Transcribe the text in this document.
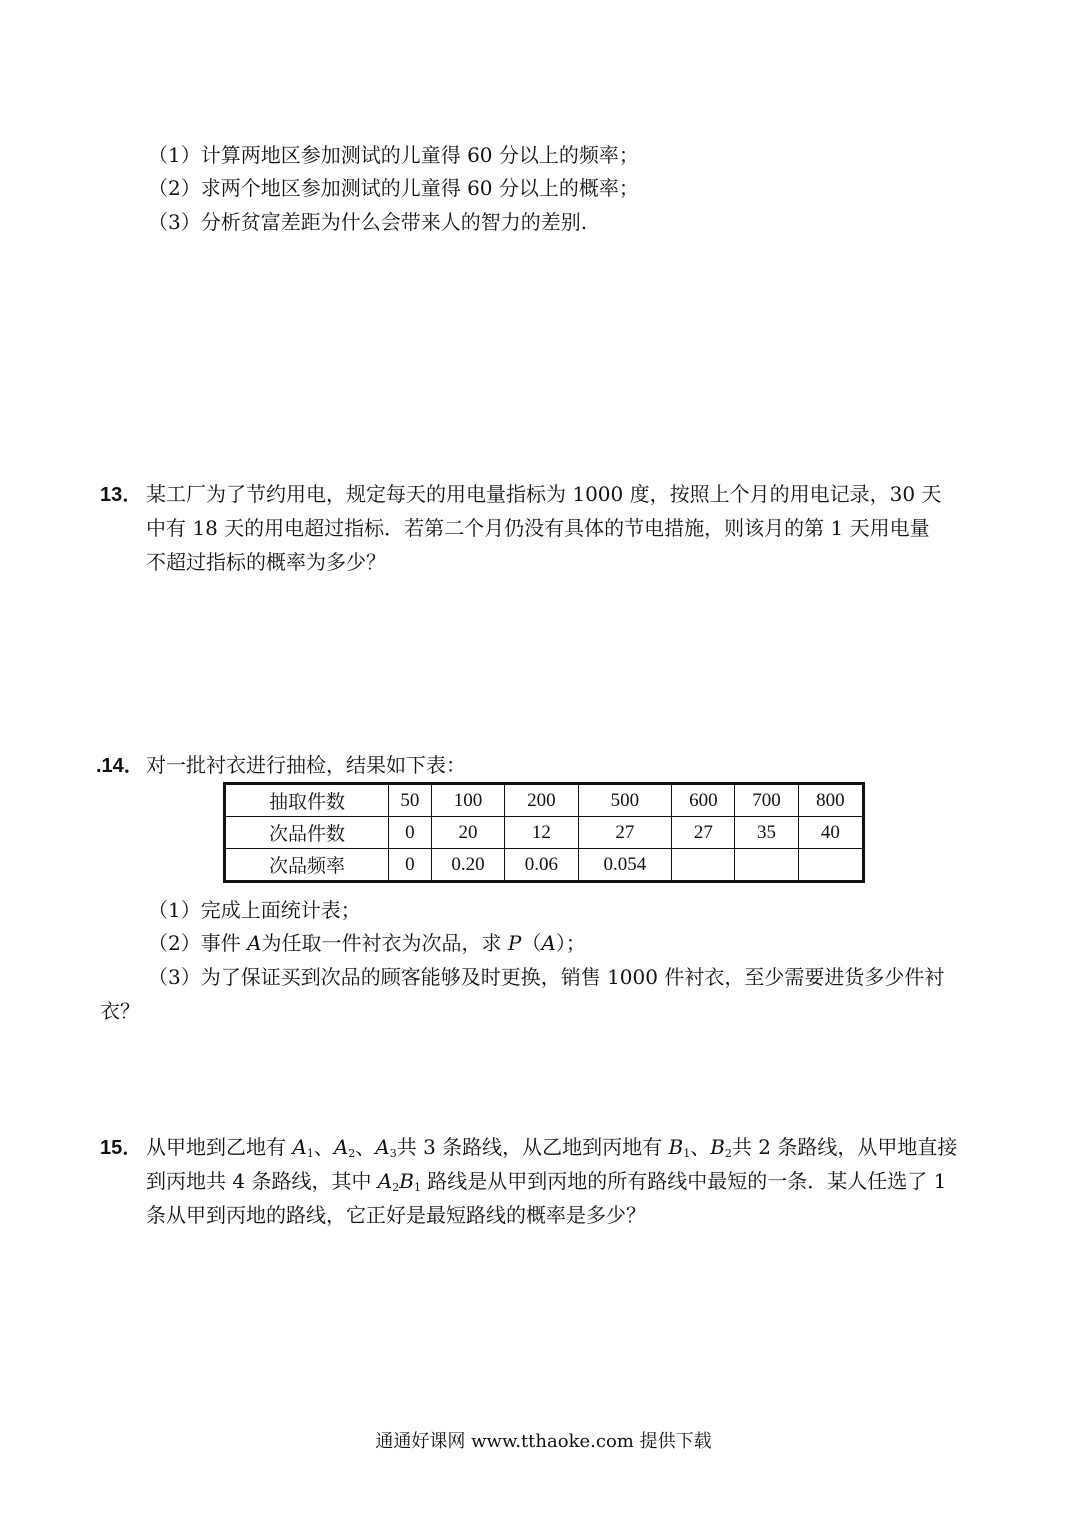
（1）计算两地区参加测试的儿童得 60 分以上的频率；
（2）求两个地区参加测试的儿童得 60 分以上的概率；
（3）分析贫富差距为什么会带来人的智力的差别.
13． 某工厂为了节约用电，规定每天的用电量指标为 1000 度，按照上个月的用电记录，30 天
中有 18 天的用电超过指标．若第二个月仍没有具体的节电措施，则该月的第 1 天用电量
不超过指标的概率为多少？
.14． 对一批衬衣进行抽检，结果如下表：
抽取件数	50	100	200	500	600	700	800
次品件数	0	20	12	27	27	35	40
次品频率	0	0.20	0.06	0.054			
（1）完成上面统计表；
（2）事件 A为任取一件衬衣为次品，求 P（A）；
（3）为了保证买到次品的顾客能够及时更换，销售 1000 件衬衣，至少需要进货多少件衬
衣？
15． 从甲地到乙地有 $A_1$、$A_2$、$A_3$共 3 条路线，从乙地到丙地有 $B_1$、$B_2$共 2 条路线，从甲地直接
到丙地共 4 条路线，其中 $A_2B_1$ 路线是从甲到丙地的所有路线中最短的一条．某人任选了 1
条从甲到丙地的路线，它正好是最短路线的概率是多少？
通通好课网 www.tthaoke.com 提供下载
